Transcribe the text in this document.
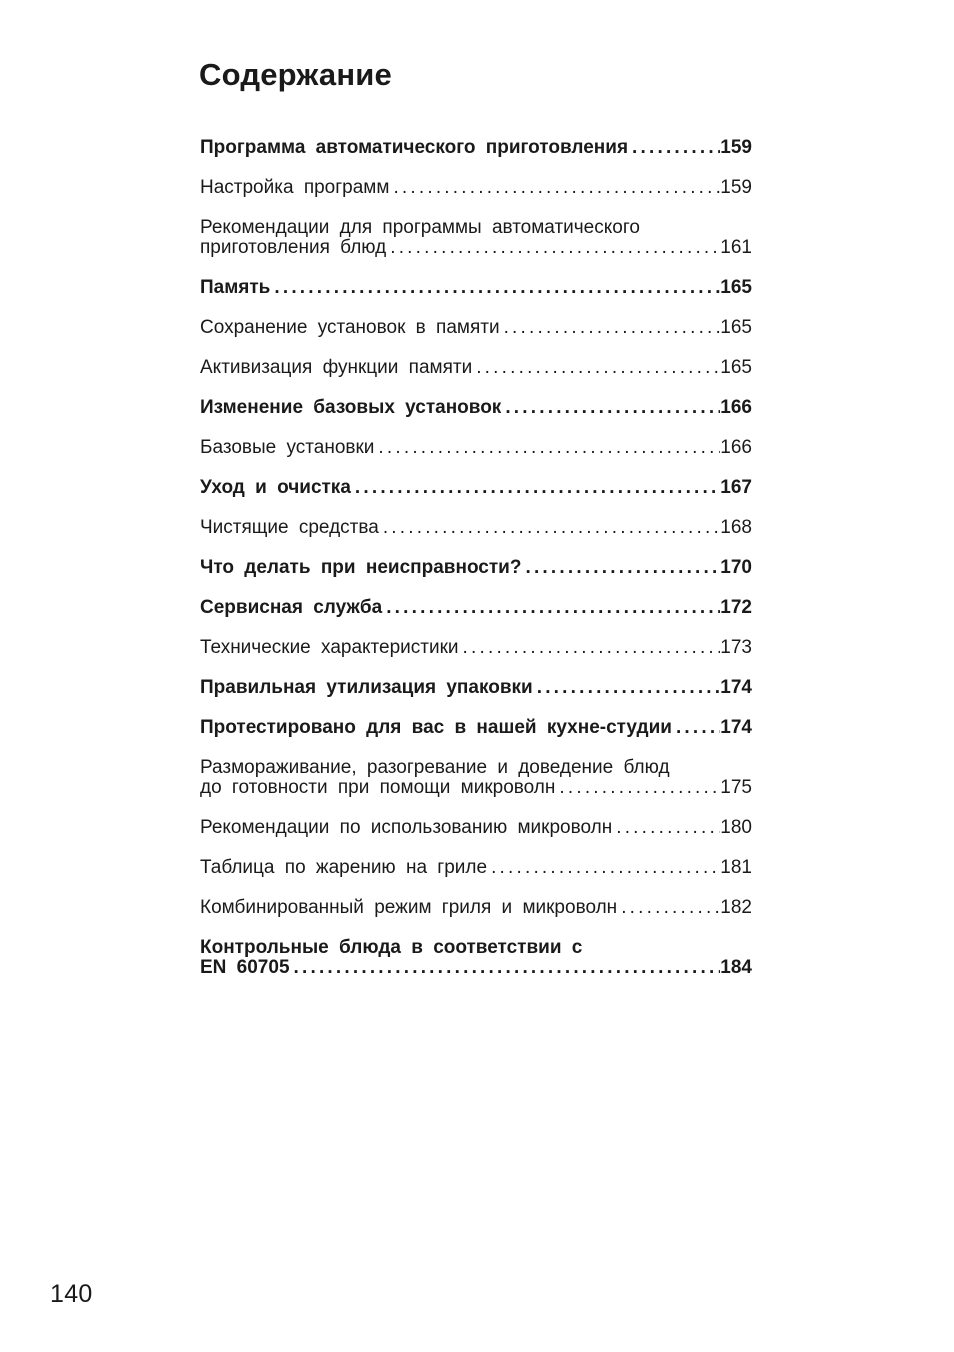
Содержание
Программа автоматического приготовления .....	159
Настройка программ .....	159
Рекомендации для программы автоматического
приготовления блюд .....	161
Память .....	165
Сохранение установок в памяти .....	165
Активизация функции памяти .....	165
Изменение базовых установок .....	166
Базовые установки .....	166
Уход и очистка .....	167
Чистящие средства .....	168
Что делать при неисправности? .....	170
Сервисная служба .....	172
Технические характеристики .....	173
Правильная утилизация упаковки .....	174
Протестировано для вас в нашей кухне-студии .....	174
Размораживание, разогревание и доведение блюд
до готовности при помощи микроволн .....	175
Рекомендации по использованию микроволн .....	180
Таблица по жарению на гриле .....	181
Комбинированный режим гриля и микроволн .....	182
Контрольные блюда в соответствии с
EN 60705 .....	184
140
